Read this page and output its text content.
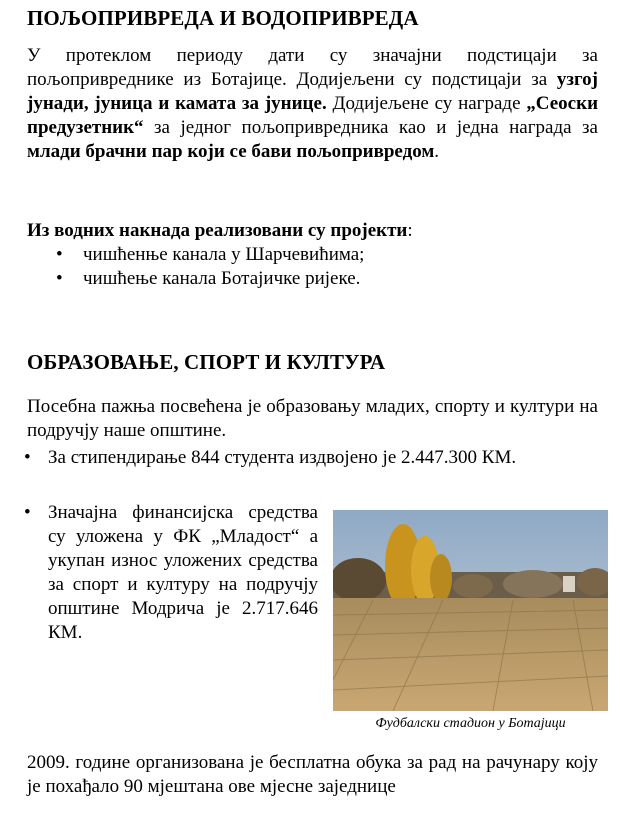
ПОЉОПРИВРЕДА И ВОДОПРИВРЕДА
У протеклом периоду дати су значајни подстицаји за пољопривреднике из Ботајице. Додијељени су подстицаји за узгој јунади, јуница и камата за јунице. Додијељене су награде „Сеоски предузетник“ за једног пољопривредника као и једна награда за млади брачни пар који се бави пољопривредом.
Из водних накнада реализовани су пројекти:
• чишћенње канала у Шарчевићима;
• чишћење канала Ботајичке ријеке.
ОБРАЗОВАЊЕ, СПОРТ И КУЛТУРА
Посебна пажња посвећена је образовању младих, спорту и култури на подручју наше општине.
• За стипендирање 844 студента издвојено је 2.447.300 КМ.
• Значајна финансијска средства су уложена у ФК „Младост“ а укупан износ уложених средства за спорт и културу на подручју општине Модрича је 2.717.646 КМ.
Фудбалски стадион у Ботајици
2009. године организована је бесплатна обука за рад на рачунару коју је похађало 90 мјештана ове мјесне заједнице
